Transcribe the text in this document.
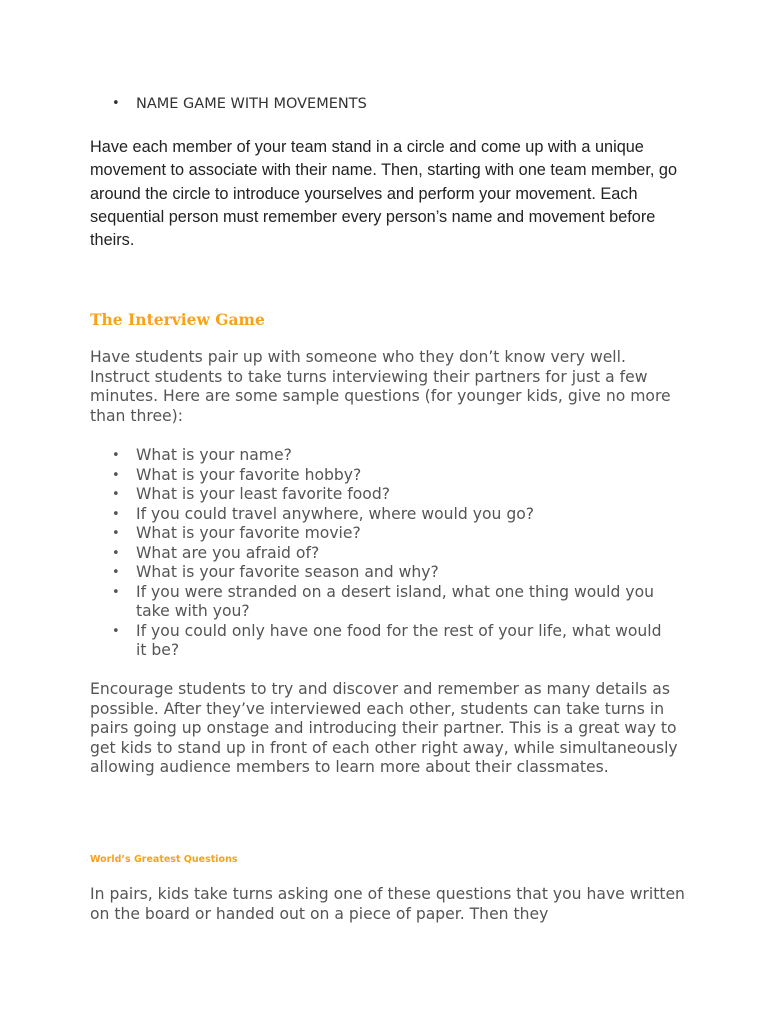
• NAME GAME WITH MOVEMENTS

Have each member of your team stand in a circle and come up with a unique movement to associate with their name. Then, starting with one team member, go around the circle to introduce yourselves and perform your movement. Each sequential person must remember every person’s name and movement before theirs.

The Interview Game

Have students pair up with someone who they don’t know very well. Instruct students to take turns interviewing their partners for just a few minutes. Here are some sample questions (for younger kids, give no more than three):

• What is your name?
• What is your favorite hobby?
• What is your least favorite food?
• If you could travel anywhere, where would you go?
• What is your favorite movie?
• What are you afraid of?
• What is your favorite season and why?
• If you were stranded on a desert island, what one thing would you take with you?
• If you could only have one food for the rest of your life, what would it be?

Encourage students to try and discover and remember as many details as possible. After they’ve interviewed each other, students can take turns in pairs going up onstage and introducing their partner. This is a great way to get kids to stand up in front of each other right away, while simultaneously allowing audience members to learn more about their classmates.

World’s Greatest Questions

In pairs, kids take turns asking one of these questions that you have written on the board or handed out on a piece of paper. Then they
